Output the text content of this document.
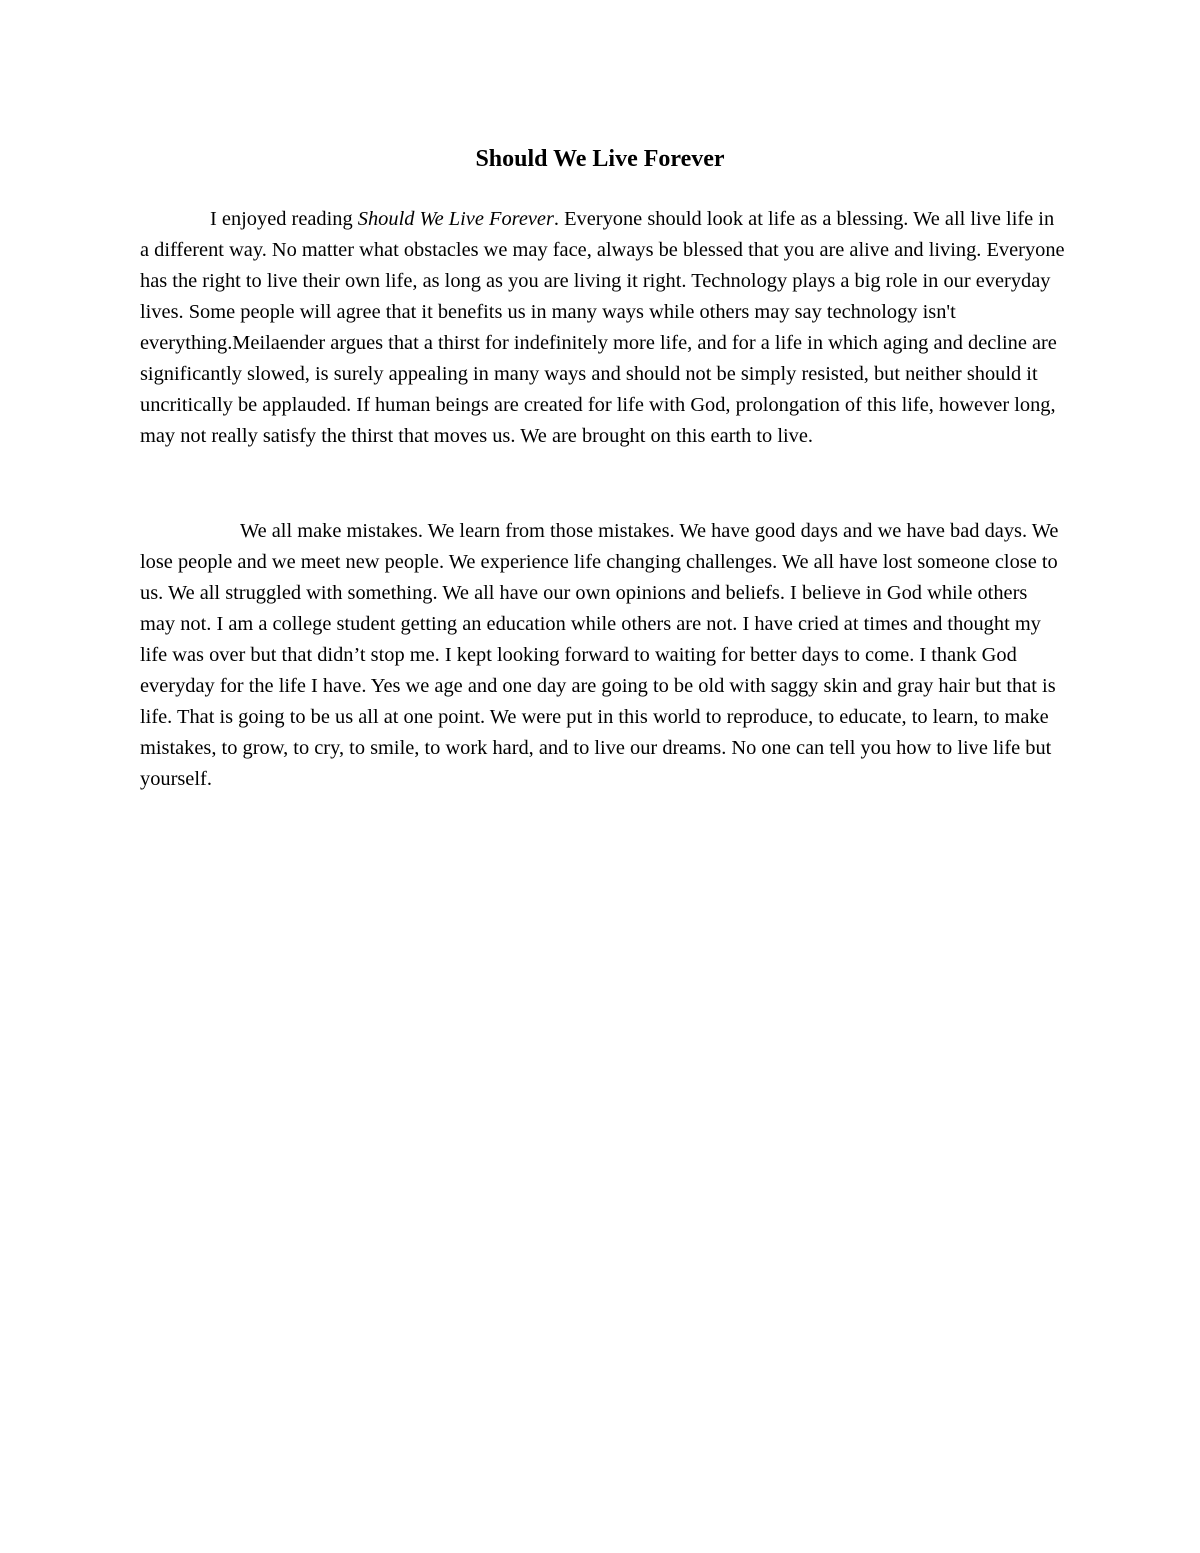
Should We Live Forever

I enjoyed reading Should We Live Forever. Everyone should look at life as a blessing. We all live life in a different way. No matter what obstacles we may face, always be blessed that you are alive and living. Everyone has the right to live their own life, as long as you are living it right. Technology plays a big role in our everyday lives. Some people will agree that it benefits us in many ways while others may say technology isn't everything.Meilaender argues that a thirst for indefinitely more life, and for a life in which aging and decline are significantly slowed, is surely appealing in many ways and should not be simply resisted, but neither should it uncritically be applauded. If human beings are created for life with God, prolongation of this life, however long, may not really satisfy the thirst that moves us. We are brought on this earth to live.

We all make mistakes. We learn from those mistakes. We have good days and we have bad days. We lose people and we meet new people. We experience life changing challenges. We all have lost someone close to us. We all struggled with something. We all have our own opinions and beliefs. I believe in God while others may not. I am a college student getting an education while others are not. I have cried at times and thought my life was over but that didn’t stop me. I kept looking forward to waiting for better days to come. I thank God everyday for the life I have. Yes we age and one day are going to be old with saggy skin and gray hair but that is life. That is going to be us all at one point. We were put in this world to reproduce, to educate, to learn, to make mistakes, to grow, to cry, to smile, to work hard, and to live our dreams. No one can tell you how to live life but yourself.
